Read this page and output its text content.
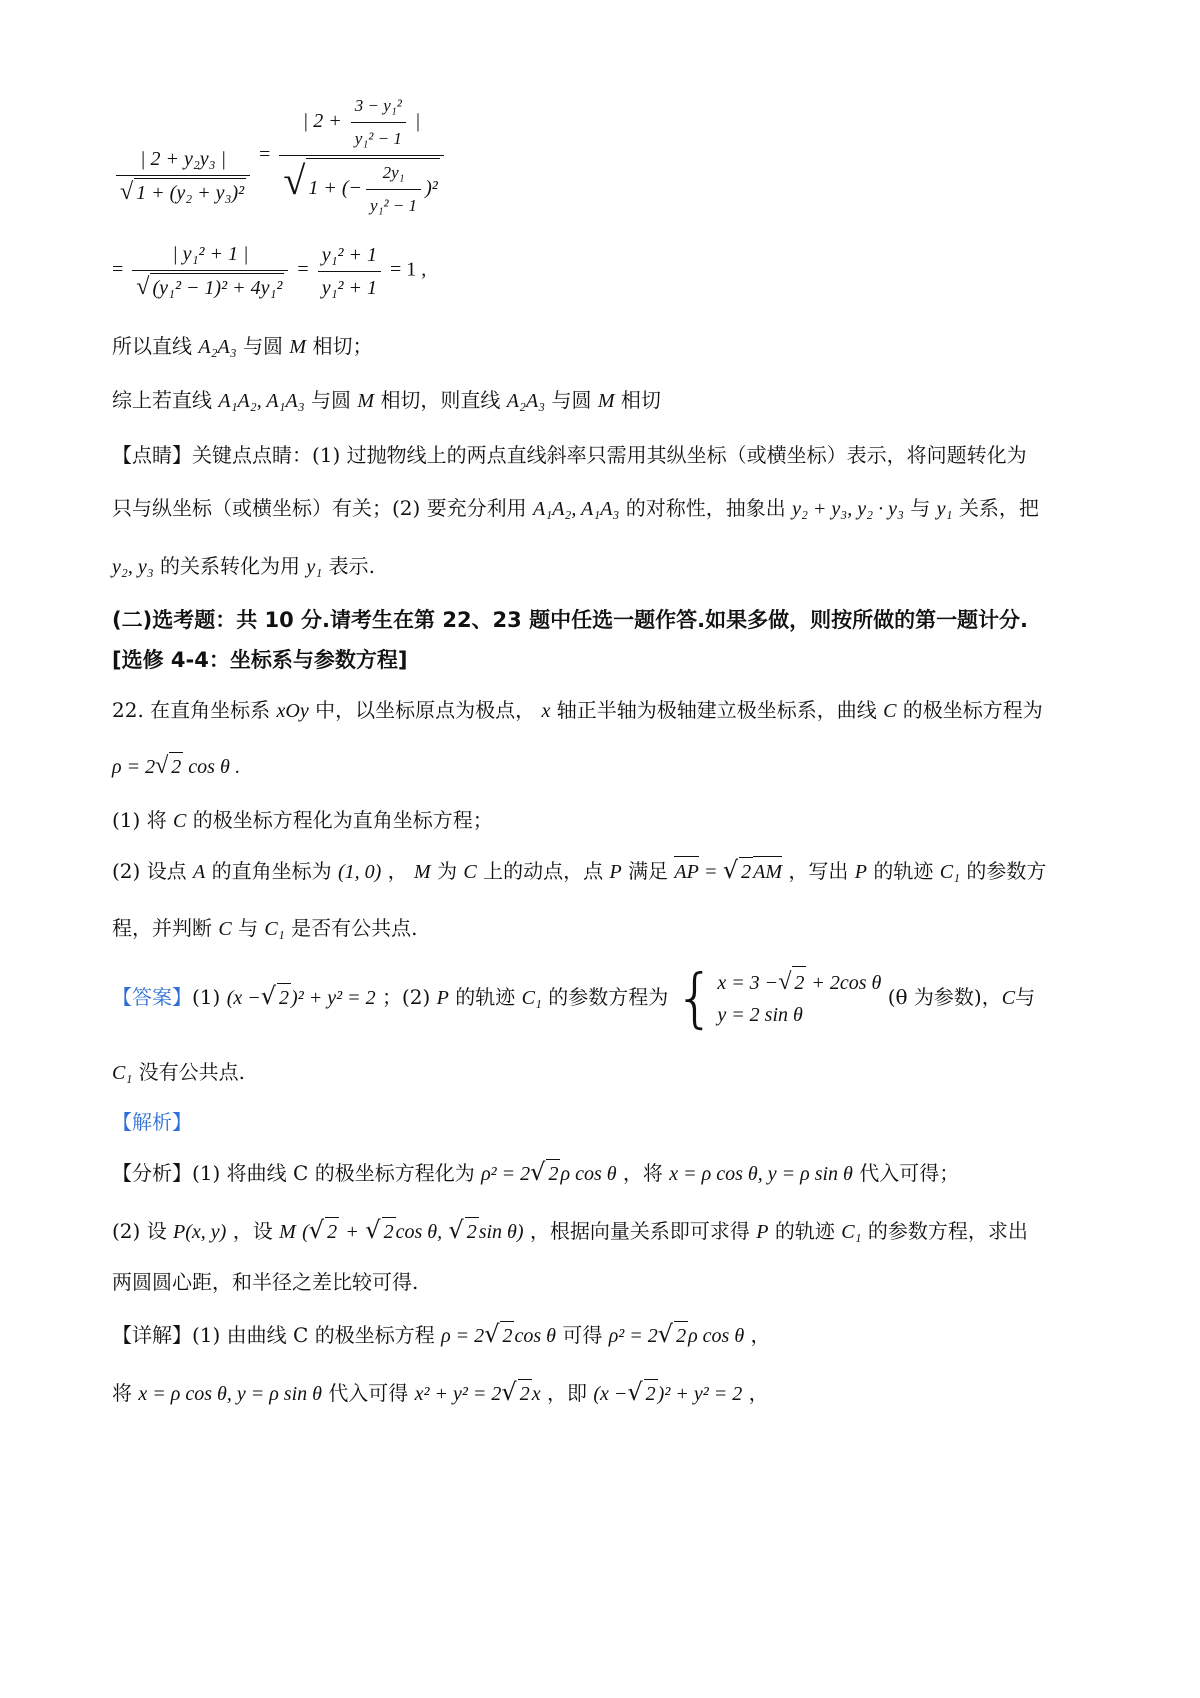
$\frac{\text{| 2 + y₂y₃ |}}{\text{√ 1 + (y₂ + y₃)²}} = \frac{| 2 + \frac{\text{3 − y₁²}}{\text{y₁² − 1}} |}{√ 1 + (- \frac{\text{2y₁}}{\text{y₁² − 1}} )^2}$
= $\frac{\text{| y₁² + 1 |}}{\text{√ (y₁² − 1)² + 4y₁²}} = \frac{\text{y₁² + 1}}{\text{y₁² + 1}} = 1$ ,
所以直线 A₂A₃ 与圆 M 相切；
综上若直线 A₁A₂, A₁A₃ 与圆 M 相切，则直线 A₂A₃ 与圆 M 相切
【点睛】关键点点睛：(1) 过抛物线上的两点直线斜率只需用其纵坐标（或横坐标）表示，将问题转化为
只与纵坐标（或横坐标）有关；(2) 要充分利用 A₁A₂, A₁A₃ 的对称性，抽象出 y₂ + y₃, y₂ · y₃ 与 y₁ 关系，把
y₂, y₃ 的关系转化为用 y₁ 表示.
(二)选考题：共 10 分.请考生在第 22、23 题中任选一题作答.如果多做，则按所做的第一题计分.
[选修 4-4：坐标系与参数方程]
22. 在直角坐标系 xOy 中，以坐标原点为极点， x 轴正半轴为极轴建立极坐标系，曲线 C 的极坐标方程为
ρ = 2√ 2 cos θ .
(1) 将 C 的极坐标方程化为直角坐标方程；
(2) 设点 A 的直角坐标为 (1, 0) ， M 为 C 上的动点，点 P 满足 AP = √ 2 AM ，写出 P 的轨迹 C₁ 的参数方
程，并判断 C 与 C₁ 是否有公共点.
【答案】(1) (x −√ 2 )² + y² = 2 ；(2) P 的轨迹 C₁ 的参数方程为 { x = 3 −√ 2 + 2cos θ
y = 2 sin θ
(θ 为参数)，C与
C₁ 没有公共点.
【解析】
【分析】(1) 将曲线 C 的极坐标方程化为 ρ² = 2√ 2 ρ cos θ ，将 x = ρ cos θ, y = ρ sin θ 代入可得；
(2) 设 P(x, y) ，设 M (√ 2 + √ 2 cos θ, √ 2 sin θ) ，根据向量关系即可求得 P 的轨迹 C₁ 的参数方程，求出
两圆圆心距，和半径之差比较可得.
【详解】(1) 由曲线 C 的极坐标方程 ρ = 2√ 2 cos θ 可得 ρ² = 2√ 2 ρ cos θ ，
将 x = ρ cos θ, y = ρ sin θ 代入可得 x² + y² = 2√ 2 x ，即 (x −√ 2 )² + y² = 2 ，
